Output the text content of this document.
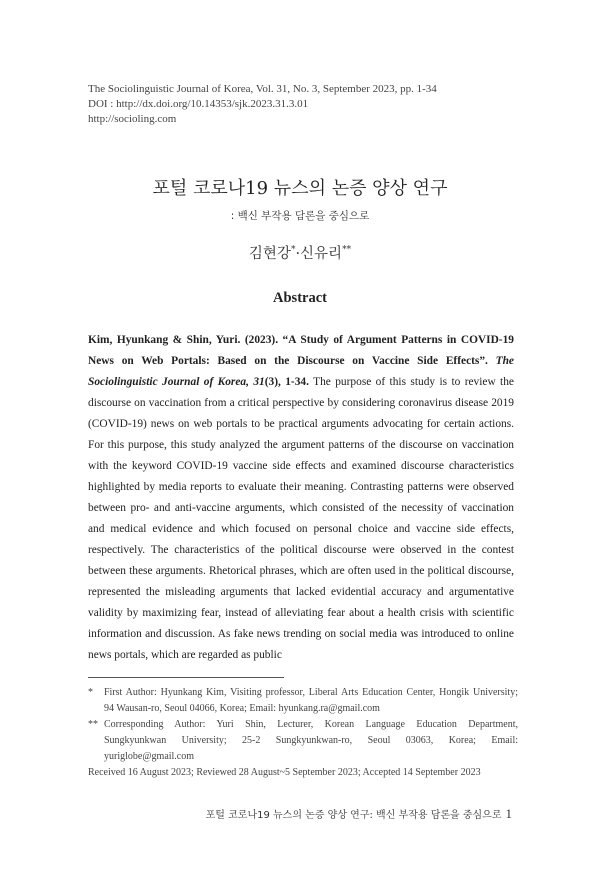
The Sociolinguistic Journal of Korea, Vol. 31, No. 3, September 2023, pp. 1-34
DOI : http://dx.doi.org/10.14353/sjk.2023.31.3.01
http://socioling.com
포털 코로나19 뉴스의 논증 양상 연구
: 백신 부작용 담론을 중심으로
김현강*·신유리**
Abstract
Kim, Hyunkang & Shin, Yuri. (2023). “A Study of Argument Patterns in COVID-19 News on Web Portals: Based on the Discourse on Vaccine Side Effects”. The Sociolinguistic Journal of Korea, 31(3), 1-34. The purpose of this study is to review the discourse on vaccination from a critical perspective by considering coronavirus disease 2019 (COVID-19) news on web portals to be practical arguments advocating for certain actions. For this purpose, this study analyzed the argument patterns of the discourse on vaccination with the keyword COVID-19 vaccine side effects and examined discourse characteristics highlighted by media reports to evaluate their meaning. Contrasting patterns were observed between pro- and anti-vaccine arguments, which consisted of the necessity of vaccination and medical evidence and which focused on personal choice and vaccine side effects, respectively. The characteristics of the political discourse were observed in the contest between these arguments. Rhetorical phrases, which are often used in the political discourse, represented the misleading arguments that lacked evidential accuracy and argumentative validity by maximizing fear, instead of alleviating fear about a health crisis with scientific information and discussion. As fake news trending on social media was introduced to online news portals, which are regarded as public
* First Author: Hyunkang Kim, Visiting professor, Liberal Arts Education Center, Hongik University;
94 Wausan-ro, Seoul 04066, Korea; Email: hyunkang.ra@gmail.com
** Corresponding Author: Yuri Shin, Lecturer, Korean Language Education Department,
Sungkyunkwan University; 25-2 Sungkyunkwan-ro, Seoul 03063, Korea; Email: yuriglobe@gmail.com
Received 16 August 2023; Reviewed 28 August~5 September 2023; Accepted 14 September 2023
포털 코로나19 뉴스의 논증 양상 연구: 백신 부작용 담론을 중심으로 1
